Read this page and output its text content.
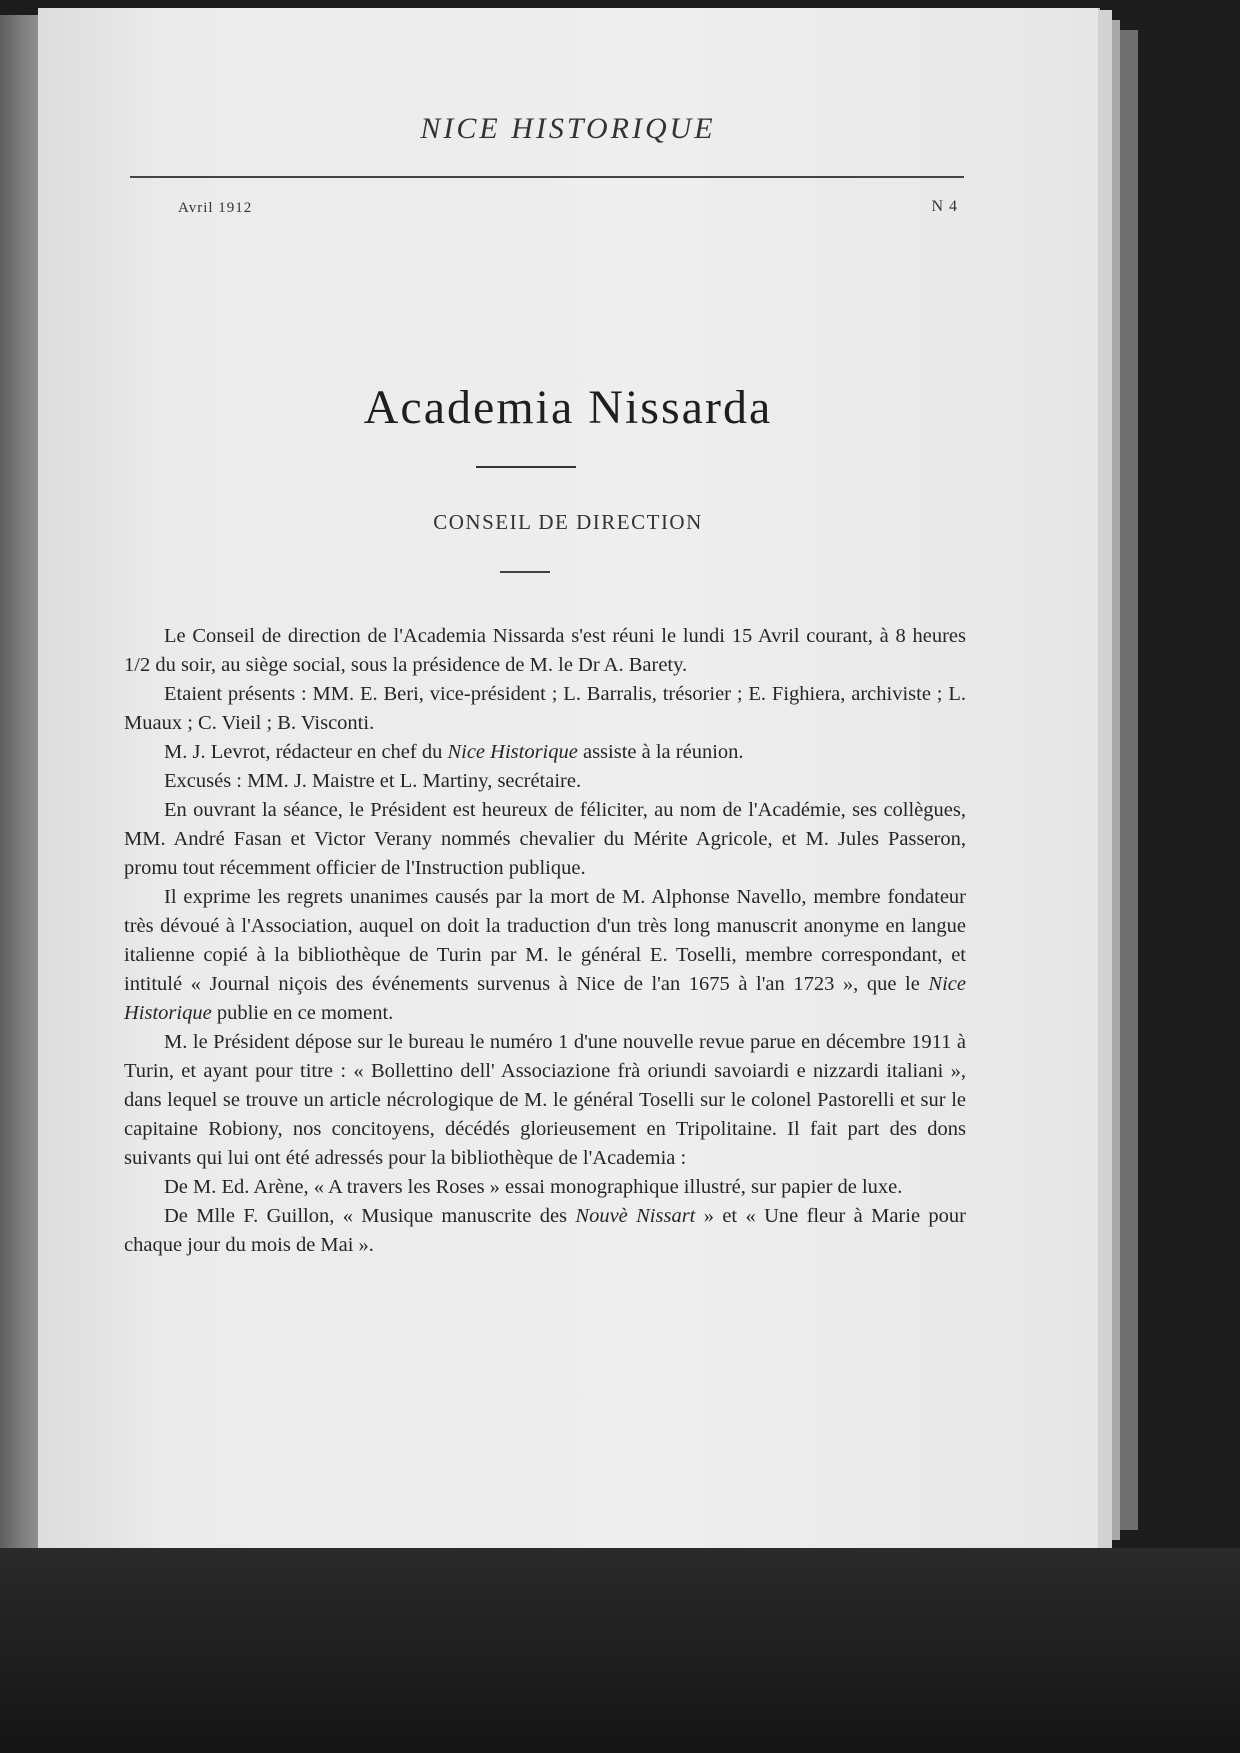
NICE HISTORIQUE
Avril 1912	N 4
Academia Nissarda
CONSEIL DE DIRECTION

Le Conseil de direction de l'Academia Nissarda s'est réuni le lundi 15 Avril courant, à 8 heures 1/2 du soir, au siège social, sous la présidence de M. le Dr A. Barety.

Etaient présents : MM. E. Beri, vice-président ; L. Barralis, trésorier ; E. Fighiera, archiviste ; L. Muaux ; C. Vieil ; B. Visconti.

M. J. Levrot, rédacteur en chef du Nice Historique assiste à la réunion.

Excusés : MM. J. Maistre et L. Martiny, secrétaire.

En ouvrant la séance, le Président est heureux de féliciter, au nom de l'Académie, ses collègues, MM. André Fasan et Victor Verany nommés chevalier du Mérite Agricole, et M. Jules Passeron, promu tout récemment officier de l'Instruction publique.

Il exprime les regrets unanimes causés par la mort de M. Alphonse Navello, membre fondateur très dévoué à l'Association, auquel on doit la traduction d'un très long manuscrit anonyme en langue italienne copié à la bibliothèque de Turin par M. le général E. Toselli, membre correspondant, et intitulé « Journal niçois des événements survenus à Nice de l'an 1675 à l'an 1723 », que le Nice Historique publie en ce moment.

M. le Président dépose sur le bureau le numéro 1 d'une nouvelle revue parue en décembre 1911 à Turin, et ayant pour titre : « Bollettino dell' Associazione frà oriundi savoiardi e nizzardi italiani », dans lequel se trouve un article nécrologique de M. le général Toselli sur le colonel Pastorelli et sur le capitaine Robiony, nos concitoyens, décédés glorieusement en Tripolitaine. Il fait part des dons suivants qui lui ont été adressés pour la bibliothèque de l'Academia :

De M. Ed. Arène, « A travers les Roses » essai monographique illustré, sur papier de luxe.

De Mlle F. Guillon, « Musique manuscrite des Nouvè Nissart » et « Une fleur à Marie pour chaque jour du mois de Mai ».
